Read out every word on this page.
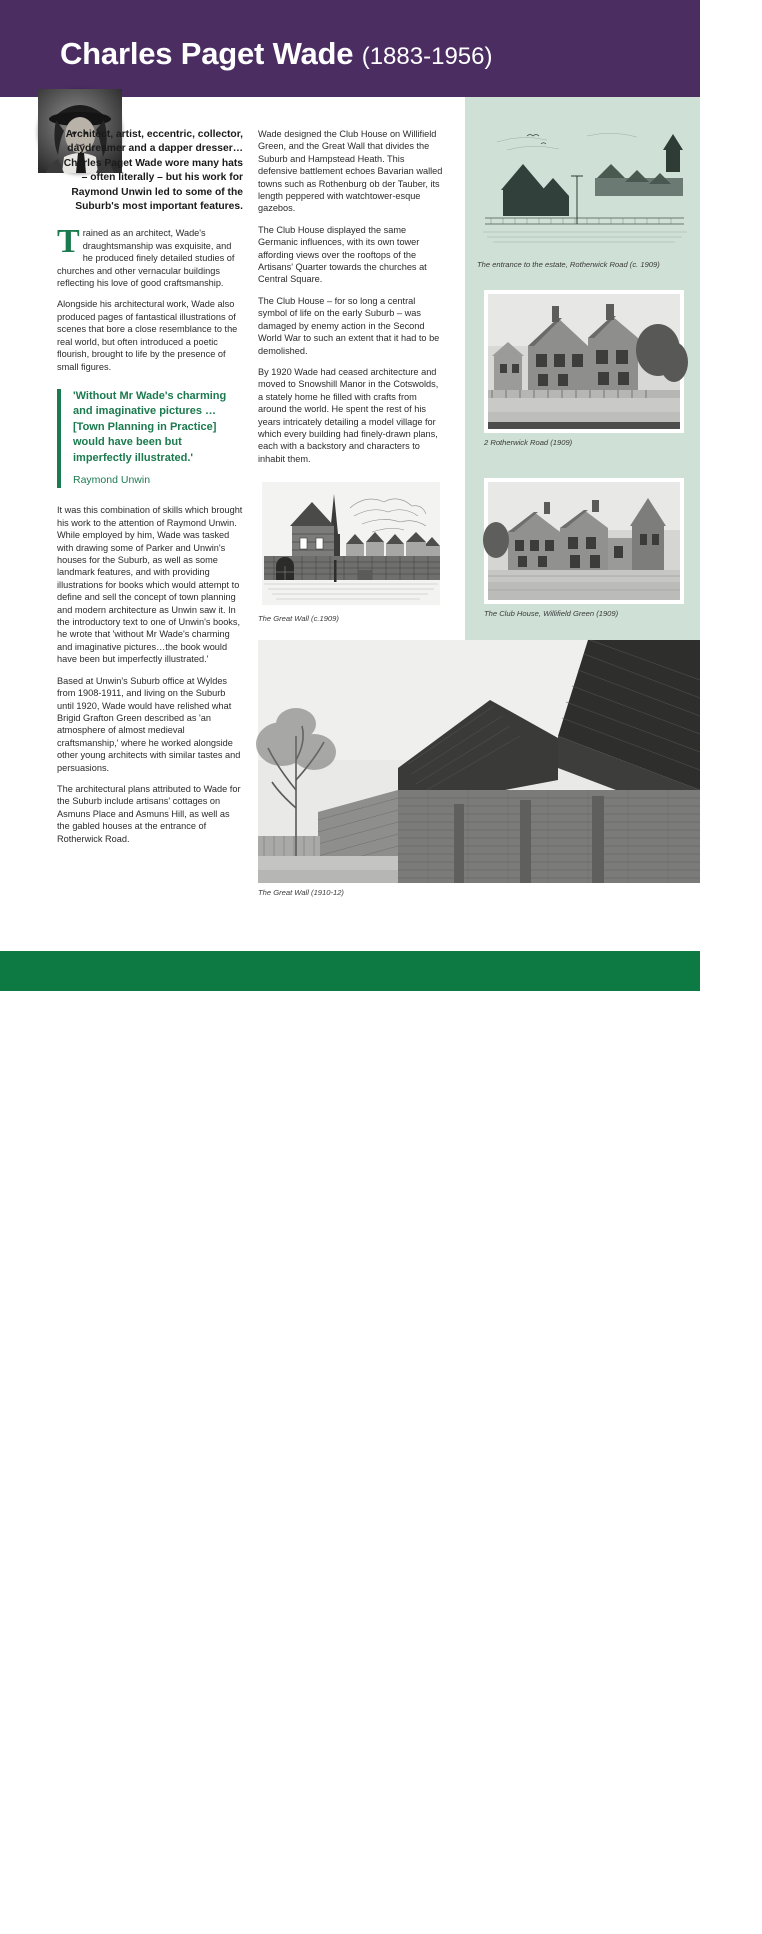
Charles Paget Wade (1883-1956)

Architect, artist, eccentric, collector, daydreamer and a dapper dresser… Charles Paget Wade wore many hats – often literally – but his work for Raymond Unwin led to some of the Suburb's most important features.

Trained as an architect, Wade's draughtsmanship was exquisite, and he produced finely detailed studies of churches and other vernacular buildings reflecting his love of good craftsmanship.

Alongside his architectural work, Wade also produced pages of fantastical illustrations of scenes that bore a close resemblance to the real world, but often introduced a poetic flourish, brought to life by the presence of small figures.

'Without Mr Wade's charming and imaginative pictures … [Town Planning in Practice] would have been but imperfectly illustrated.'

Raymond Unwin

It was this combination of skills which brought his work to the attention of Raymond Unwin. While employed by him, Wade was tasked with drawing some of Parker and Unwin's houses for the Suburb, as well as some landmark features, and with providing illustrations for books which would attempt to define and sell the concept of town planning and modern architecture as Unwin saw it. In the introductory text to one of Unwin's books, he wrote that 'without Mr Wade's charming and imaginative pictures…the book would have been but imperfectly illustrated.'

Based at Unwin's Suburb office at Wyldes from 1908-1911, and living on the Suburb until 1920, Wade would have relished what Brigid Grafton Green described as 'an atmosphere of almost medieval craftsmanship,' where he worked alongside other young architects with similar tastes and persuasions.

The architectural plans attributed to Wade for the Suburb include artisans' cottages on Asmuns Place and Asmuns Hill, as well as the gabled houses at the entrance of Rotherwick Road.

Wade designed the Club House on Willifield Green, and the Great Wall that divides the Suburb and Hampstead Heath. This defensive battlement echoes Bavarian walled towns such as Rothenburg ob der Tauber, its length peppered with watchtower-esque gazebos.

The Club House displayed the same Germanic influences, with its own tower affording views over the rooftops of the Artisans' Quarter towards the churches at Central Square.

The Club House – for so long a central symbol of life on the early Suburb – was damaged by enemy action in the Second World War to such an extent that it had to be demolished.

By 1920 Wade had ceased architecture and moved to Snowshill Manor in the Cotswolds, a stately home he filled with crafts from around the world. He spent the rest of his years intricately detailing a model village for which every building had finely-drawn plans, each with a backstory and characters to inhabit them.

The entrance to the estate, Rotherwick Road (c. 1909)
2 Rotherwick Road (1909)
The Club House, Willifield Green (1909)
The Great Wall (c.1909)
The Great Wall (1910-12)
HAMPSTEAD GARDEN SUBURB ARCHIVES TRUST	·HAMPSTEAD · GARDEN · SUBURB · TRUST·
